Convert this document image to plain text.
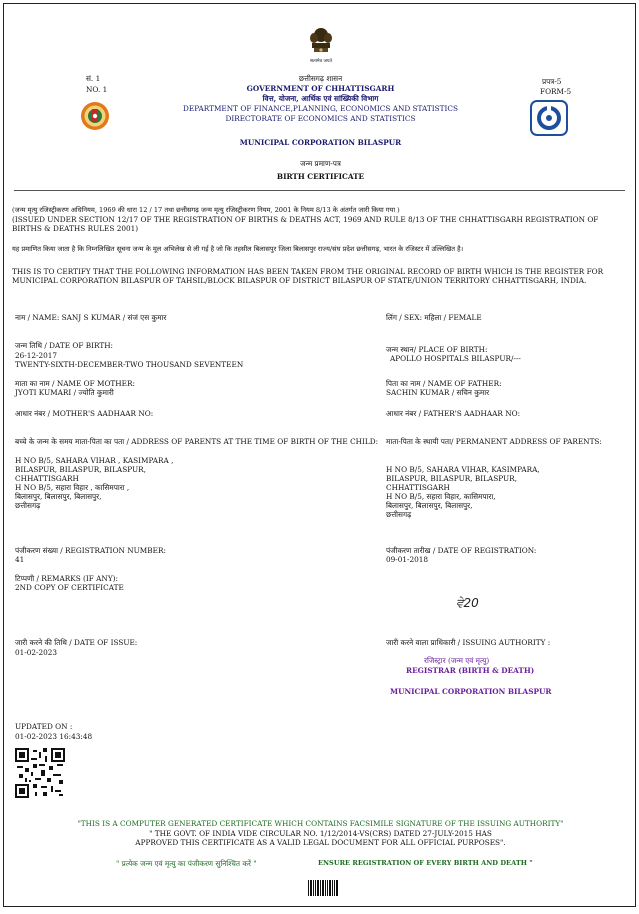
सत्यमेव जयते
सं. 1
NO. 1
प्रपत्र-5
FORM-5
छत्तीसगढ़ शासन
GOVERNMENT OF CHHATTISGARH
वित्त, योजना, आर्थिक एवं सांख्यिकी विभाग
DEPARTMENT OF FINANCE,PLANNING, ECONOMICS AND STATISTICS
DIRECTORATE OF ECONOMICS AND STATISTICS
MUNICIPAL CORPORATION BILASPUR
जन्म प्रमाण-पत्र
BIRTH CERTIFICATE
(जन्म मृत्यु रजिस्ट्रीकरण अधिनियम, 1969 की धारा 12 / 17 तथा छत्तीसगढ़ जन्म मृत्यु रजिस्ट्रीकरण नियम, 2001 के नियम 8/13 के अंतर्गत जारी किया गया )
(ISSUED UNDER SECTION 12/17 OF THE REGISTRATION OF BIRTHS & DEATHS ACT, 1969 AND RULE 8/13 OF THE CHHATTISGARH REGISTRATION OF BIRTHS & DEATHS RULES 2001)
यह प्रमाणित किया जाता है कि निम्नलिखित सूचना जन्म के मूल अभिलेख से ली गई है जो कि तहसील बिलासपुर जिला बिलासपुर राज्य/संघ प्रदेश छत्तीसगढ़, भारत के रजिस्टर में उल्लिखित है।
THIS IS TO CERTIFY THAT THE FOLLOWING INFORMATION HAS BEEN TAKEN FROM THE ORIGINAL RECORD OF BIRTH WHICH IS THE REGISTER FOR MUNICIPAL CORPORATION BILASPUR OF TAHSIL/BLOCK BILASPUR OF DISTRICT BILASPUR OF STATE/UNION TERRITORY CHHATTISGARH, INDIA.
नाम / NAME: SANJ S KUMAR / संजं एस कुमार	लिंग / SEX: महिला / FEMALE
जन्म तिथि / DATE OF BIRTH:
26-12-2017
TWENTY-SIXTH-DECEMBER-TWO THOUSAND SEVENTEEN
जन्म स्थान/ PLACE OF BIRTH:
APOLLO HOSPITALS BILASPUR/---
माता का नाम / NAME OF MOTHER:
JYOTI KUMARI / ज्योति कुमारी
पिता का नाम / NAME OF FATHER:
SACHIN KUMAR / सचिन कुमार
आधार नंबर / MOTHER'S AADHAAR NO:	आधार नंबर / FATHER'S AADHAAR NO:
बच्चे के जन्म के समय माता-पिता का पता / ADDRESS OF PARENTS AT THE TIME OF BIRTH OF THE CHILD:
H NO B/5, SAHARA VIHAR , KASIMPARA ,
BILASPUR, BILASPUR, BILASPUR,
CHHATTISGARH
H NO B/5, सहारा विहार , कासिमपारा ,
बिलासपुर, बिलासपुर, बिलासपुर,
छत्तीसगढ़
माता-पिता के स्थायी पता/ PERMANENT ADDRESS OF PARENTS:
H NO B/5, SAHARA VIHAR, KASIMPARA,
BILASPUR, BILASPUR, BILASPUR,
CHHATTISGARH
H NO B/5, सहारा विहार, कासिमपारा,
बिलासपुर, बिलासपुर, बिलासपुर,
छत्तीसगढ़
पंजीकरण संख्या / REGISTRATION NUMBER:
41
पंजीकरण तारीख / DATE OF REGISTRATION:
09-01-2018
टिप्पणी / REMARKS (IF ANY):
2ND COPY OF CERTIFICATE
ਵੇ20
जारी करने की तिथि / DATE OF ISSUE:
01-02-2023
जारी करने वाला प्राधिकारी / ISSUING AUTHORITY :
रजिस्ट्रार (जन्म एवं मृत्यु)
REGISTRAR (BIRTH & DEATH)
MUNICIPAL CORPORATION BILASPUR
UPDATED ON :
01-02-2023 16:43:48
"THIS IS A COMPUTER GENERATED CERTIFICATE WHICH CONTAINS FACSIMILE SIGNATURE OF THE ISSUING AUTHORITY"
" THE GOVT. OF INDIA VIDE CIRCULAR NO. 1/12/2014-VS(CRS) DATED 27-JULY-2015 HAS
APPROVED THIS CERTIFICATE AS A VALID LEGAL DOCUMENT FOR ALL OFFICIAL PURPOSES".
" प्रत्येक जन्म एवं मृत्यु का पंजीकरण सुनिश्चित करें "	ENSURE REGISTRATION OF EVERY BIRTH AND DEATH "
